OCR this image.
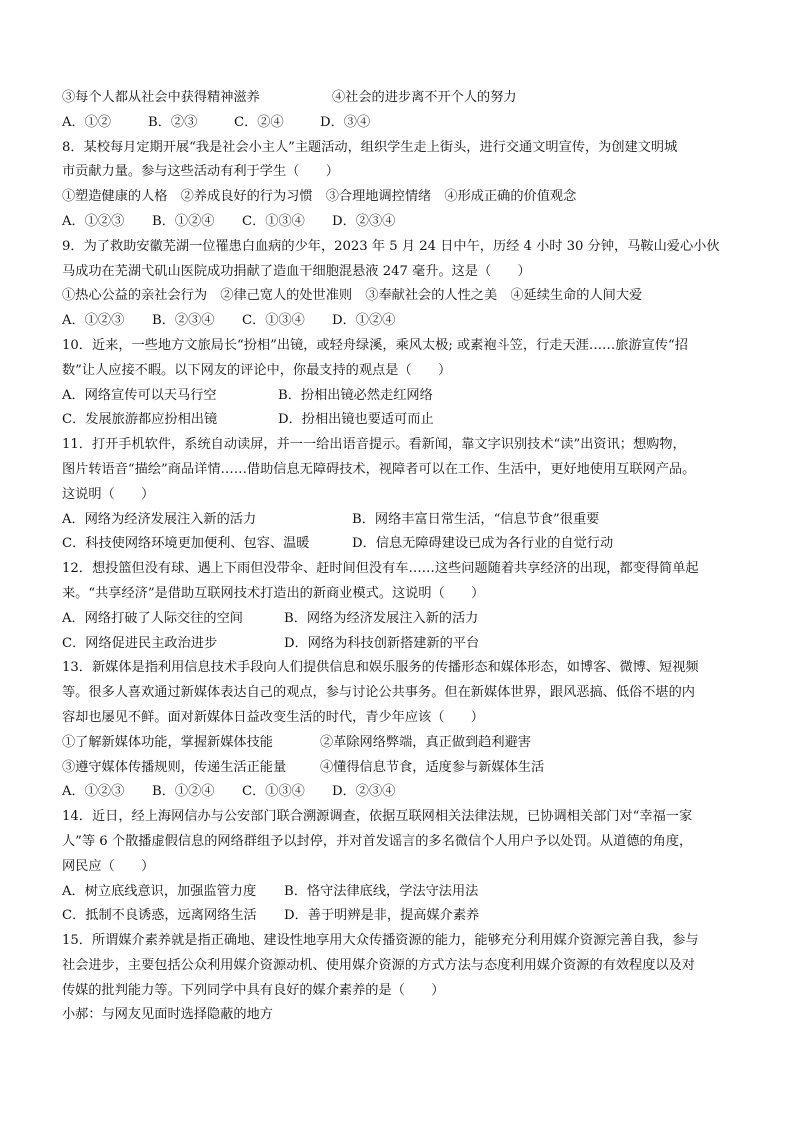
③每个人都从社会中获得精神滋养	④社会的进步离不开个人的努力
A．①②	B．②③	C．②④	D．③④
8．某校每月定期开展“我是社会小主人”主题活动，组织学生走上街头，进行交通文明宣传，为创建文明城
市贡献力量。参与这些活动有利于学生（　　）
①塑造健康的人格　②养成良好的行为习惯　③合理地调控情绪　④形成正确的价值观念
A．①②③ B．①②④ C．①③④ D．②③④
9．为了救助安徽芜湖一位罹患白血病的少年，2023 年 5 月 24 日中午，历经 4 小时 30 分钟，马鞍山爱心小伙
马成功在芜湖弋矶山医院成功捐献了造血干细胞混悬液 247 毫升。这是（　　）
①热心公益的亲社会行为　②律己宽人的处世准则　③奉献社会的人性之美　④延续生命的人间大爱
A．①②③ B．②③④ C．①③④ D．①②④
10．近来，一些地方文旅局长“扮相”出镜，或轻舟绿溪，乘风太极; 或素袍斗笠，行走天涯……旅游宣传“招
数”让人应接不暇。以下网友的评论中，你最支持的观点是（　　）
A．网络宣传可以天马行空	B．扮相出镜必然走红网络
C．发展旅游都应扮相出镜	D．扮相出镜也要适可而止
11．打开手机软件，系统自动读屏，并一一给出语音提示。看新闻，靠文字识别技术“读”出资讯；想购物，
图片转语音“描绘”商品详情……借助信息无障碍技术，视障者可以在工作、生活中，更好地使用互联网产品。
这说明（　　）
A．网络为经济发展注入新的活力	B．网络丰富日常生活，“信息节食”很重要
C．科技使网络环境更加便利、包容、温暖	D．信息无障碍建设已成为各行业的自觉行动
12．想投篮但没有球、遇上下雨但没带伞、赶时间但没有车……这些问题随着共享经济的出现，都变得简单起
来。“共享经济”是借助互联网技术打造出的新商业模式。这说明（　　）
A．网络打破了人际交往的空间	B．网络为经济发展注入新的活力
C．网络促进民主政治进步	D．网络为科技创新搭建新的平台
13．新媒体是指利用信息技术手段向人们提供信息和娱乐服务的传播形态和媒体形态，如博客、微博、短视频
等。很多人喜欢通过新媒体表达自己的观点，参与讨论公共事务。但在新媒体世界，跟风恶搞、低俗不堪的内
容却也屡见不鲜。面对新媒体日益改变生活的时代，青少年应该（　　）
①了解新媒体功能，掌握新媒体技能	②革除网络弊端，真正做到趋利避害
③遵守媒体传播规则，传递生活正能量	④懂得信息节食，适度参与新媒体生活
A．①②③ B．①②④ C．①③④ D．②③④
14．近日，经上海网信办与公安部门联合溯源调查，依据互联网相关法律法规，已协调相关部门对“幸福一家
人”等 6 个散播虚假信息的网络群组予以封停，并对首发谣言的多名微信个人用户予以处罚。从道德的角度，
网民应（　　）
A．树立底线意识，加强监管力度 B．恪守法律底线，学法守法用法
C．抵制不良诱惑，远离网络生活 D．善于明辨是非，提高媒介素养
15．所谓媒介素养就是指正确地、建设性地享用大众传播资源的能力，能够充分利用媒介资源完善自我，参与
社会进步，主要包括公众利用媒介资源动机、使用媒介资源的方式方法与态度利用媒介资源的有效程度以及对
传媒的批判能力等。下列同学中具有良好的媒介素养的是（　　）
小郝：与网友见面时选择隐蔽的地方
